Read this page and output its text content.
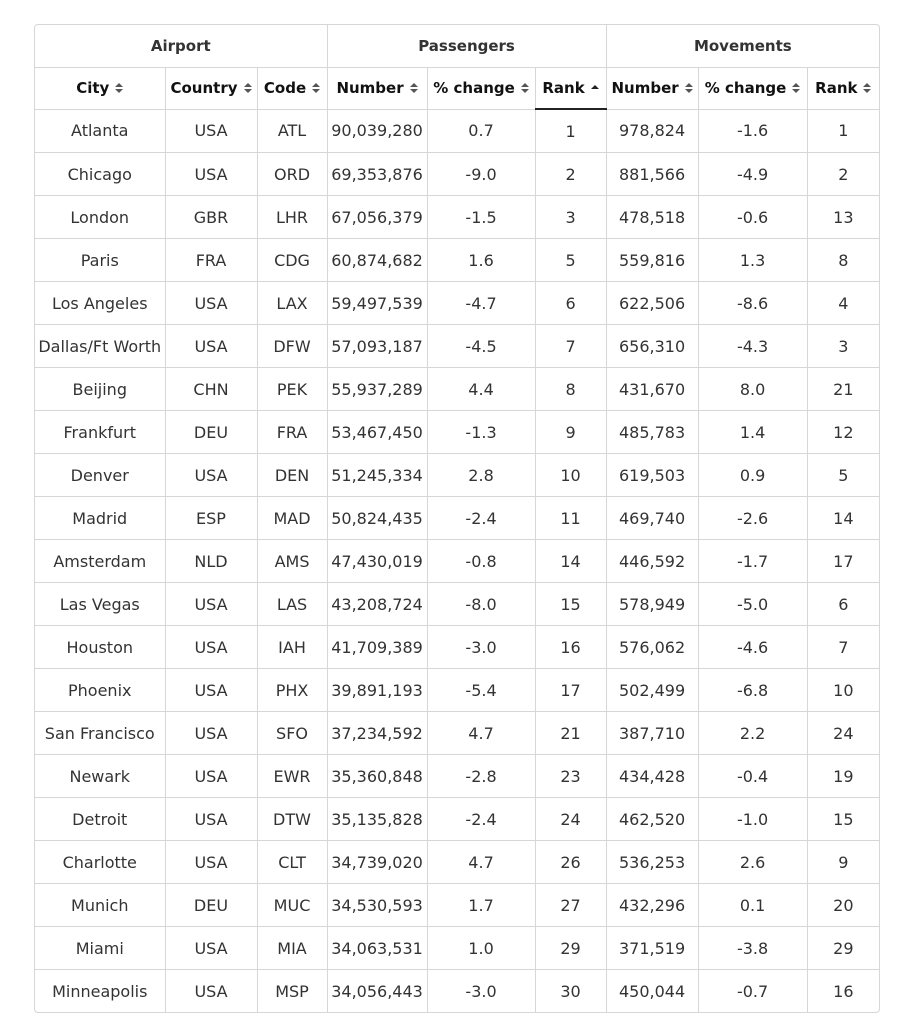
Airport			Passengers			Movements		
City	Country	Code	Number	% change	Rank	Number	% change	Rank

Atlanta	USA	ATL	90,039,280	0.7	1	978,824	-1.6	1
Chicago	USA	ORD	69,353,876	-9.0	2	881,566	-4.9	2
London	GBR	LHR	67,056,379	-1.5	3	478,518	-0.6	13
Paris	FRA	CDG	60,874,682	1.6	5	559,816	1.3	8
Los Angeles	USA	LAX	59,497,539	-4.7	6	622,506	-8.6	4
Dallas/Ft Worth	USA	DFW	57,093,187	-4.5	7	656,310	-4.3	3
Beijing	CHN	PEK	55,937,289	4.4	8	431,670	8.0	21
Frankfurt	DEU	FRA	53,467,450	-1.3	9	485,783	1.4	12
Denver	USA	DEN	51,245,334	2.8	10	619,503	0.9	5
Madrid	ESP	MAD	50,824,435	-2.4	11	469,740	-2.6	14
Amsterdam	NLD	AMS	47,430,019	-0.8	14	446,592	-1.7	17
Las Vegas	USA	LAS	43,208,724	-8.0	15	578,949	-5.0	6
Houston	USA	IAH	41,709,389	-3.0	16	576,062	-4.6	7
Phoenix	USA	PHX	39,891,193	-5.4	17	502,499	-6.8	10
San Francisco	USA	SFO	37,234,592	4.7	21	387,710	2.2	24
Newark	USA	EWR	35,360,848	-2.8	23	434,428	-0.4	19
Detroit	USA	DTW	35,135,828	-2.4	24	462,520	-1.0	15
Charlotte	USA	CLT	34,739,020	4.7	26	536,253	2.6	9
Munich	DEU	MUC	34,530,593	1.7	27	432,296	0.1	20
Miami	USA	MIA	34,063,531	1.0	29	371,519	-3.8	29
Minneapolis	USA	MSP	34,056,443	-3.0	30	450,044	-0.7	16
